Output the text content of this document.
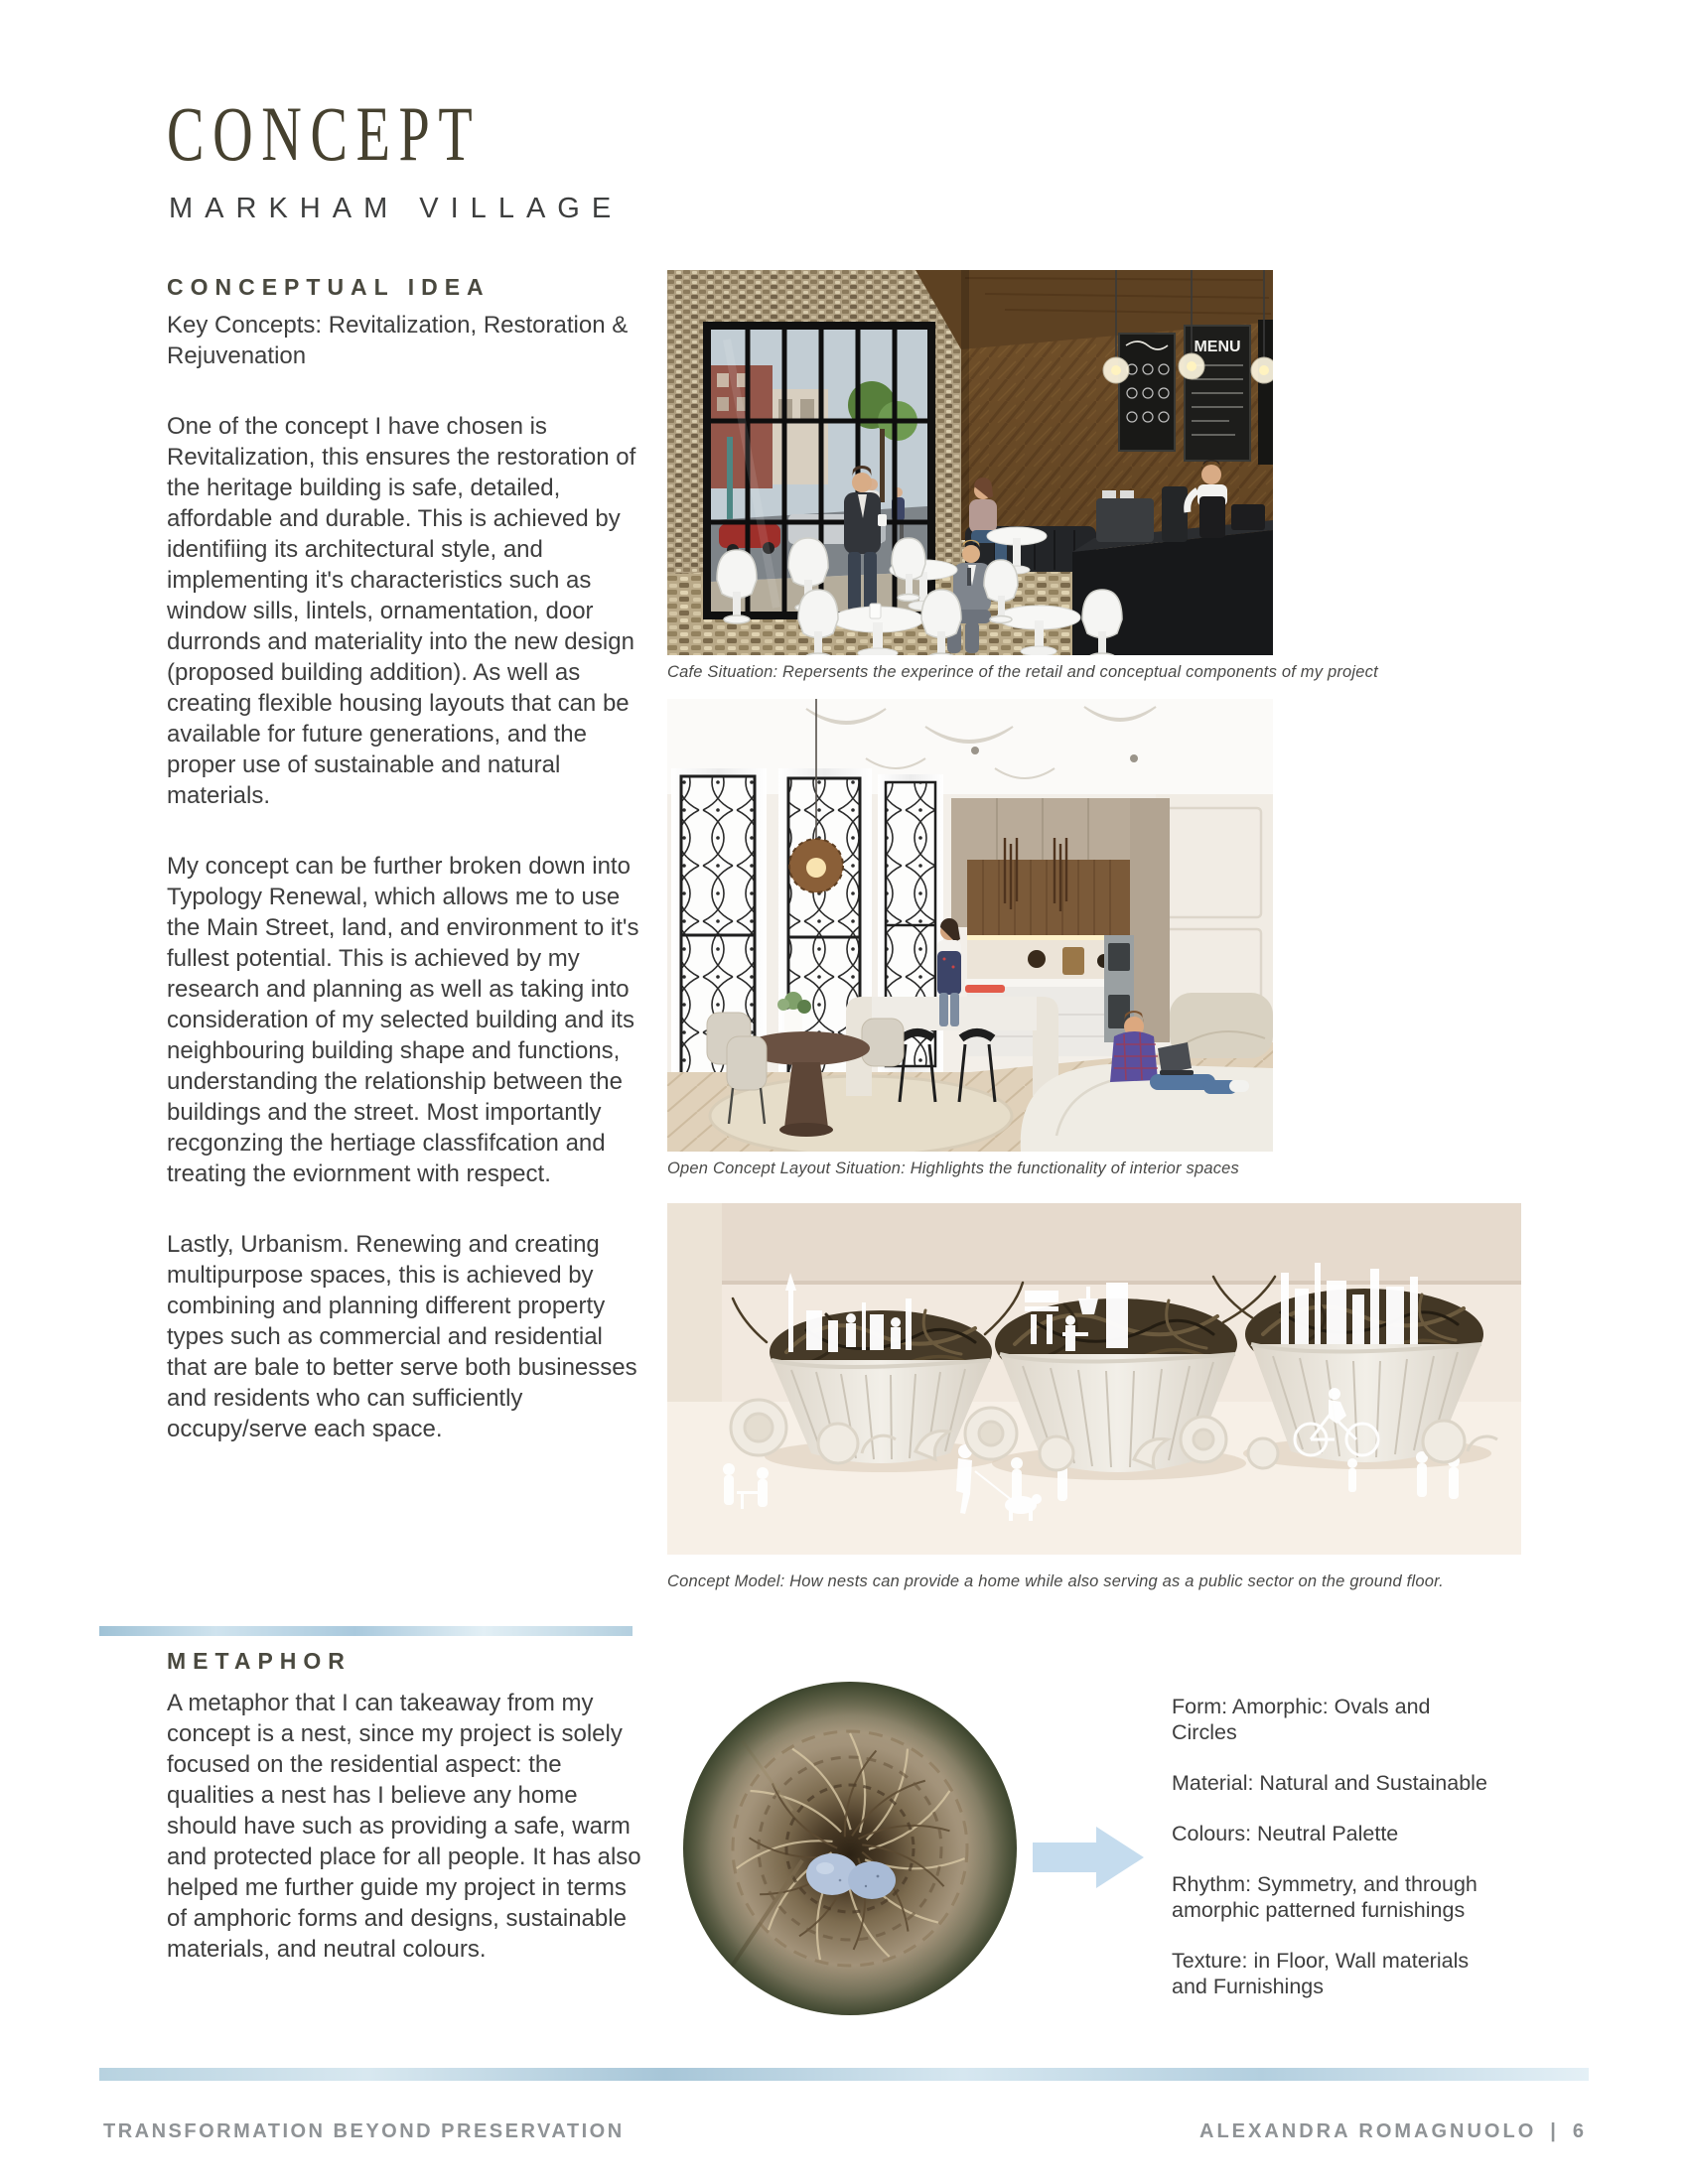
CONCEPT
MARKHAM VILLAGE
CONCEPTUAL IDEA

Key Concepts: Revitalization, Restoration & Rejuvenation

One of the concept I have chosen is Revitalization, this ensures the restoration of the heritage building is safe, detailed, affordable and durable. This is achieved by identifiing its architectural style, and implementing it's characteristics such as window sills, lintels, ornamentation, door durronds and materiality into the new design (proposed building addition). As well as creating flexible housing layouts that can be available for future generations, and the proper use of sustainable and natural materials.

My concept can be further broken down into Typology Renewal, which allows me to use the Main Street, land, and environment to it's fullest potential. This is achieved by my research and planning as well as taking into consideration of my selected building and its neighbouring building shape and functions, understanding the relationship between the buildings and the street. Most importantly recgonzing the hertiage classfifcation and treating the eviornment with respect.

Lastly, Urbanism. Renewing and creating multipurpose spaces, this is achieved by combining and planning different property types such as commercial and residential that are bale to better serve both businesses and residents who can sufficiently occupy/serve each space.

MENU
Cafe Situation: Repersents the experince of the retail and conceptual components of my project
Open Concept Layout Situation: Highlights the functionality of interior spaces
Concept Model: How nests can provide a home while also serving as a public sector on the ground floor.
METAPHOR
A metaphor that I can takeaway from my concept is a nest, since my project is solely focused on the residential aspect: the qualities a nest has I believe any home should have such as providing a safe, warm and protected place for all people. It has also helped me further guide my project in terms of amphoric forms and designs, sustainable materials, and neutral colours.
Form: Amorphic: Ovals and Circles
Material: Natural and Sustainable
Colours: Neutral Palette
Rhythm: Symmetry, and through amorphic patterned furnishings
Texture: in Floor, Wall materials and Furnishings
TRANSFORMATION BEYOND PRESERVATION	ALEXANDRA ROMAGNUOLO | 6
